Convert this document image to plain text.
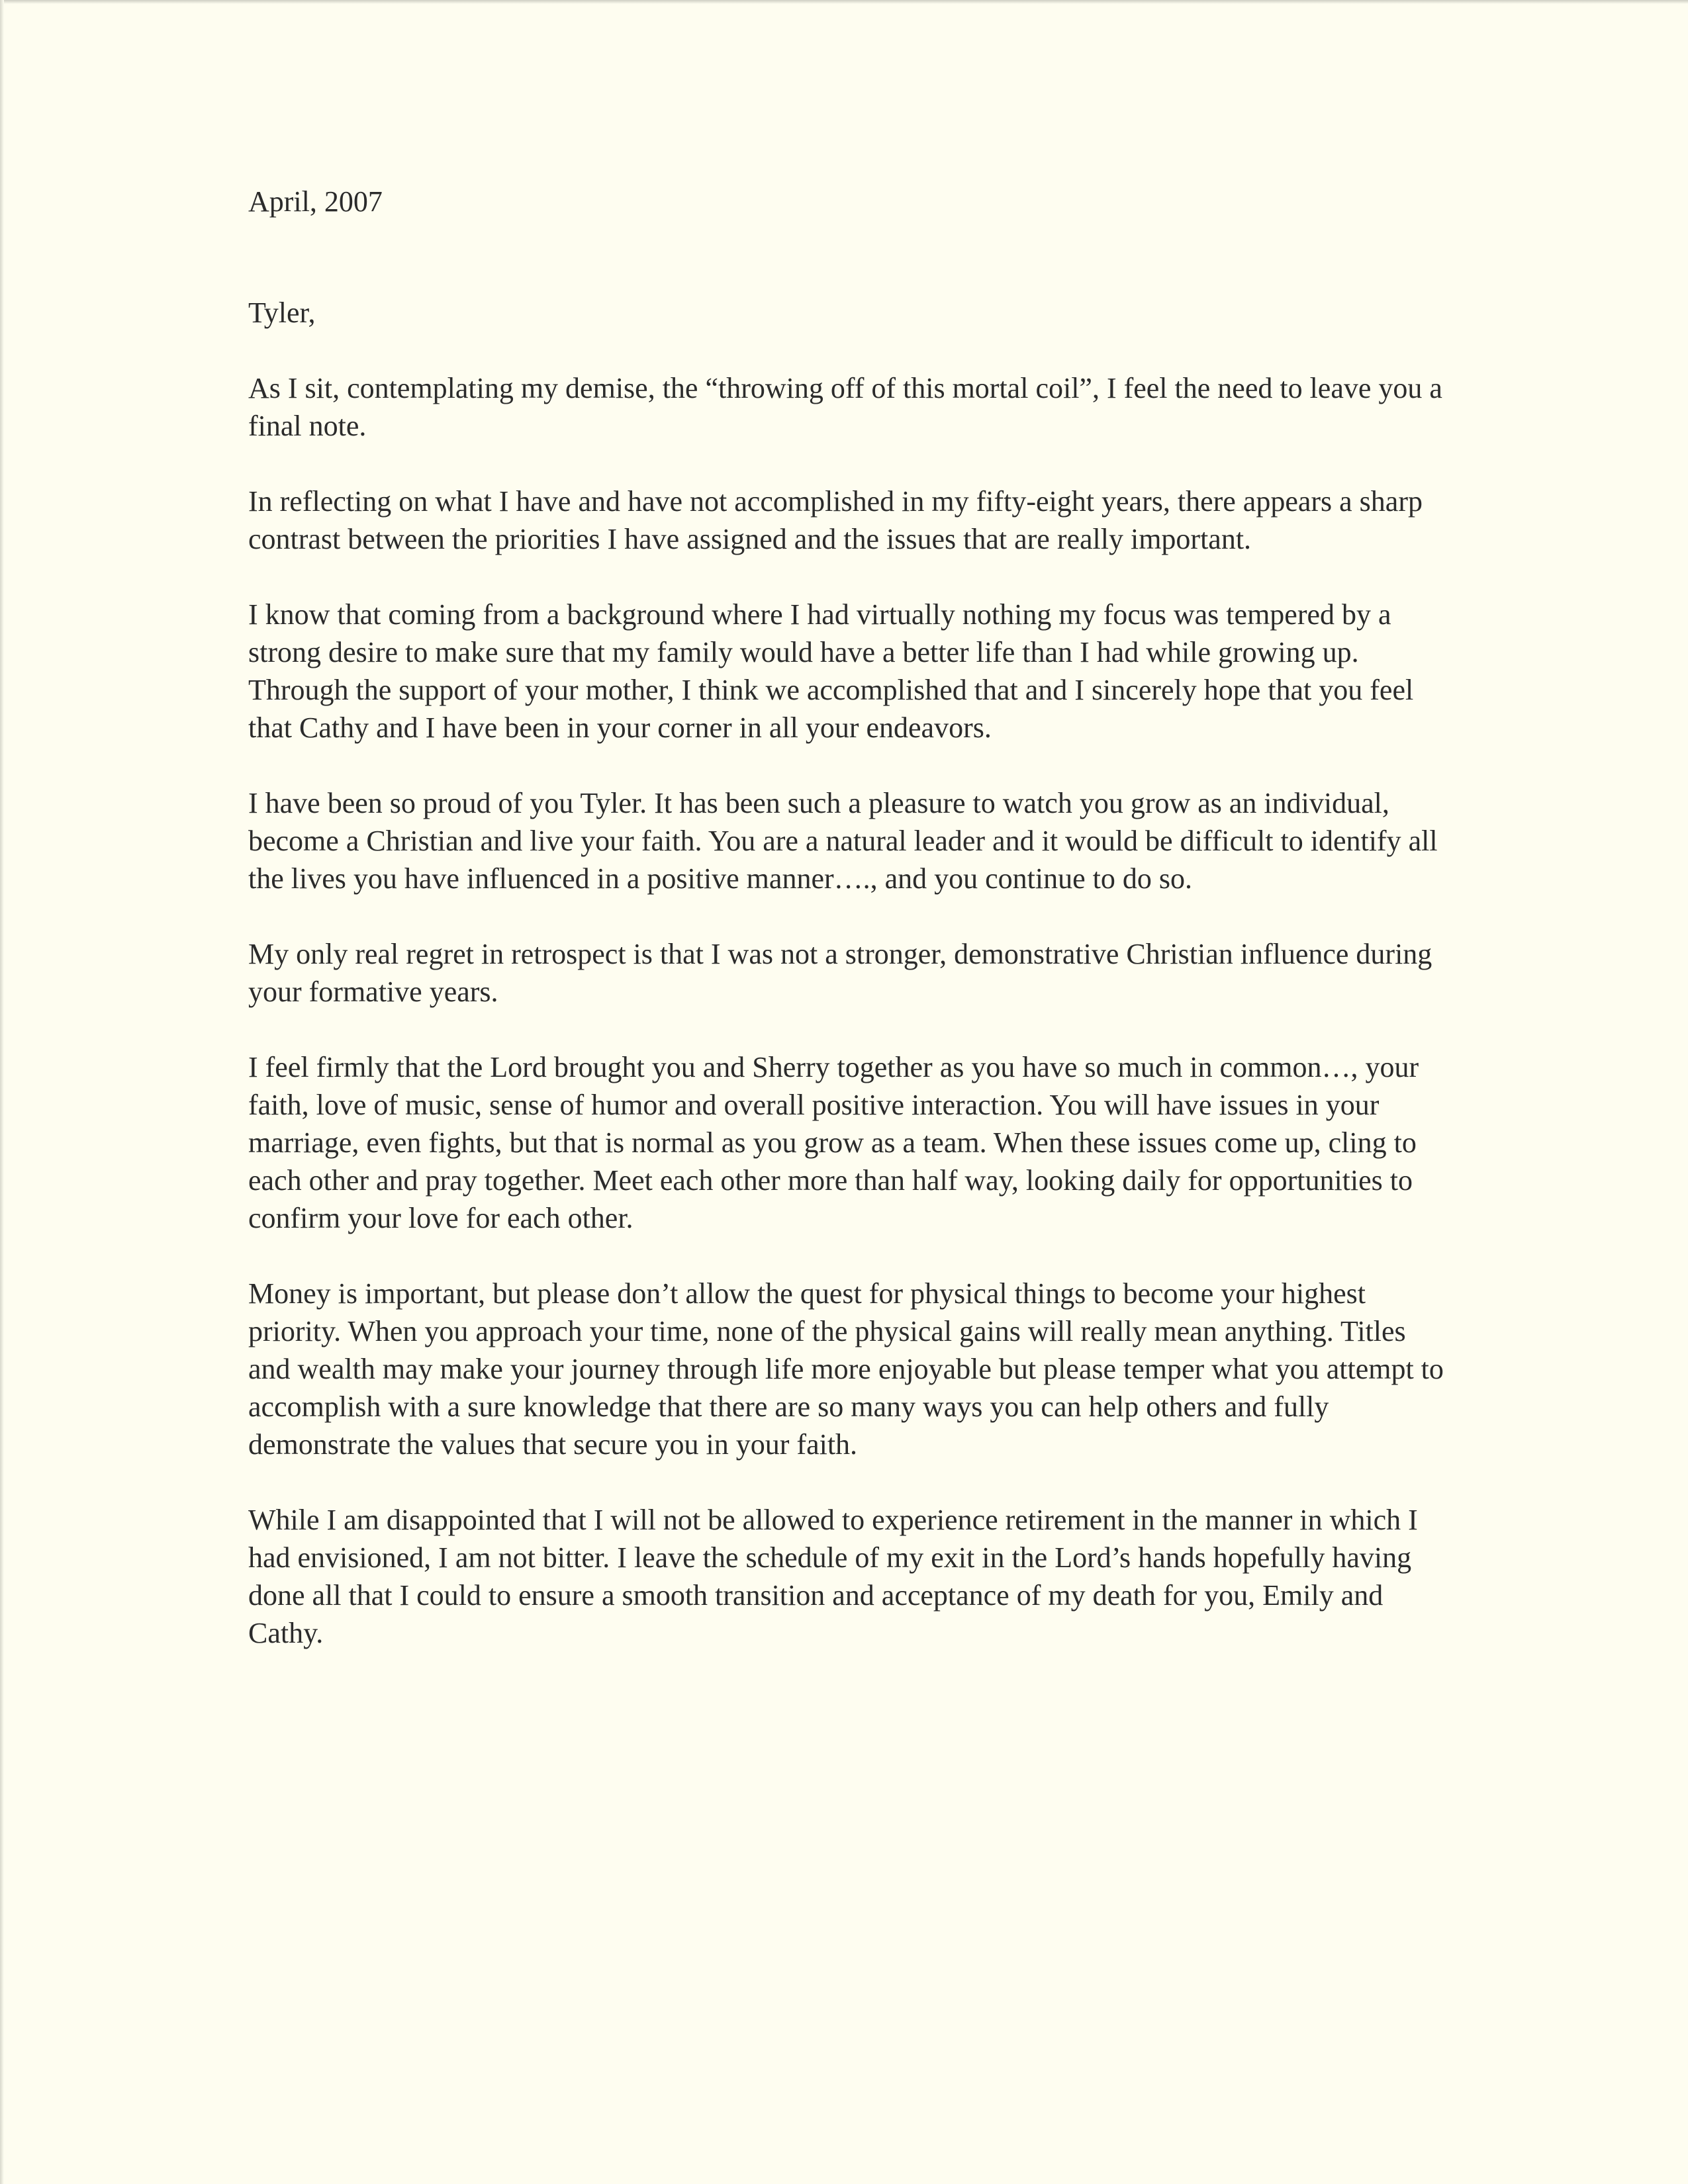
April, 2007

Tyler,

As I sit, contemplating my demise, the “throwing off of this mortal coil”, I feel the need to leave you a final note.

In reflecting on what I have and have not accomplished in my fifty-eight years, there appears a sharp contrast between the priorities I have assigned and the issues that are really important.

I know that coming from a background where I had virtually nothing my focus was tempered by a strong desire to make sure that my family would have a better life than I had while growing up. Through the support of your mother, I think we accomplished that and I sincerely hope that you feel that Cathy and I have been in your corner in all your endeavors.

I have been so proud of you Tyler. It has been such a pleasure to watch you grow as an individual, become a Christian and live your faith. You are a natural leader and it would be difficult to identify all the lives you have influenced in a positive manner…., and you continue to do so.

My only real regret in retrospect is that I was not a stronger, demonstrative Christian influence during your formative years.

I feel firmly that the Lord brought you and Sherry together as you have so much in common…, your faith, love of music, sense of humor and overall positive interaction. You will have issues in your marriage, even fights, but that is normal as you grow as a team. When these issues come up, cling to each other and pray together. Meet each other more than half way, looking daily for opportunities to confirm your love for each other.

Money is important, but please don’t allow the quest for physical things to become your highest priority. When you approach your time, none of the physical gains will really mean anything. Titles and wealth may make your journey through life more enjoyable but please temper what you attempt to accomplish with a sure knowledge that there are so many ways you can help others and fully demonstrate the values that secure you in your faith.

While I am disappointed that I will not be allowed to experience retirement in the manner in which I had envisioned, I am not bitter. I leave the schedule of my exit in the Lord’s hands hopefully having done all that I could to ensure a smooth transition and acceptance of my death for you, Emily and Cathy.
